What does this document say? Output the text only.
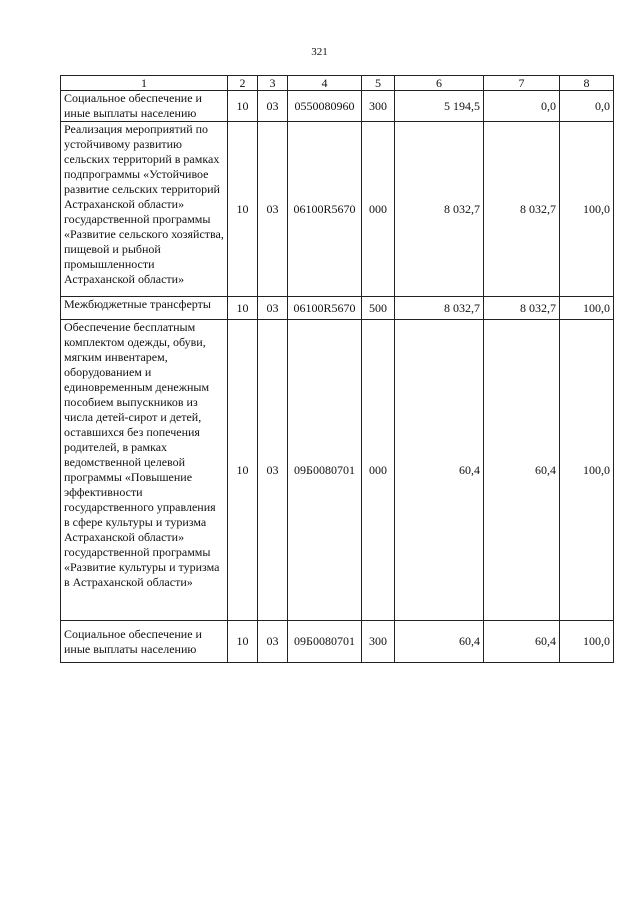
321
1	2	3	4	5	6	7	8
Социальное обеспечение и иные выплаты населению	10	03	0550080960	300	5 194,5	0,0	0,0
Реализация мероприятий по устойчивому развитию сельских территорий в рамках подпрограммы «Устойчивое развитие сельских территорий Астраханской области» государственной программы «Развитие сельского хозяйства, пищевой и рыбной промышленности Астраханской области»	10	03	06100R5670	000	8 032,7	8 032,7	100,0
Межбюджетные трансферты	10	03	06100R5670	500	8 032,7	8 032,7	100,0
Обеспечение бесплатным комплектом одежды, обуви, мягким инвентарем, оборудованием и единовременным денежным пособием выпускников из числа детей-сирот и детей, оставшихся без попечения родителей, в рамках ведомственной целевой программы «Повышение эффективности государственного управления в сфере культуры и туризма Астраханской области» государственной программы «Развитие культуры и туризма в Астраханской области»	10	03	09Б0080701	000	60,4	60,4	100,0
Социальное обеспечение и иные выплаты населению	10	03	09Б0080701	300	60,4	60,4	100,0
